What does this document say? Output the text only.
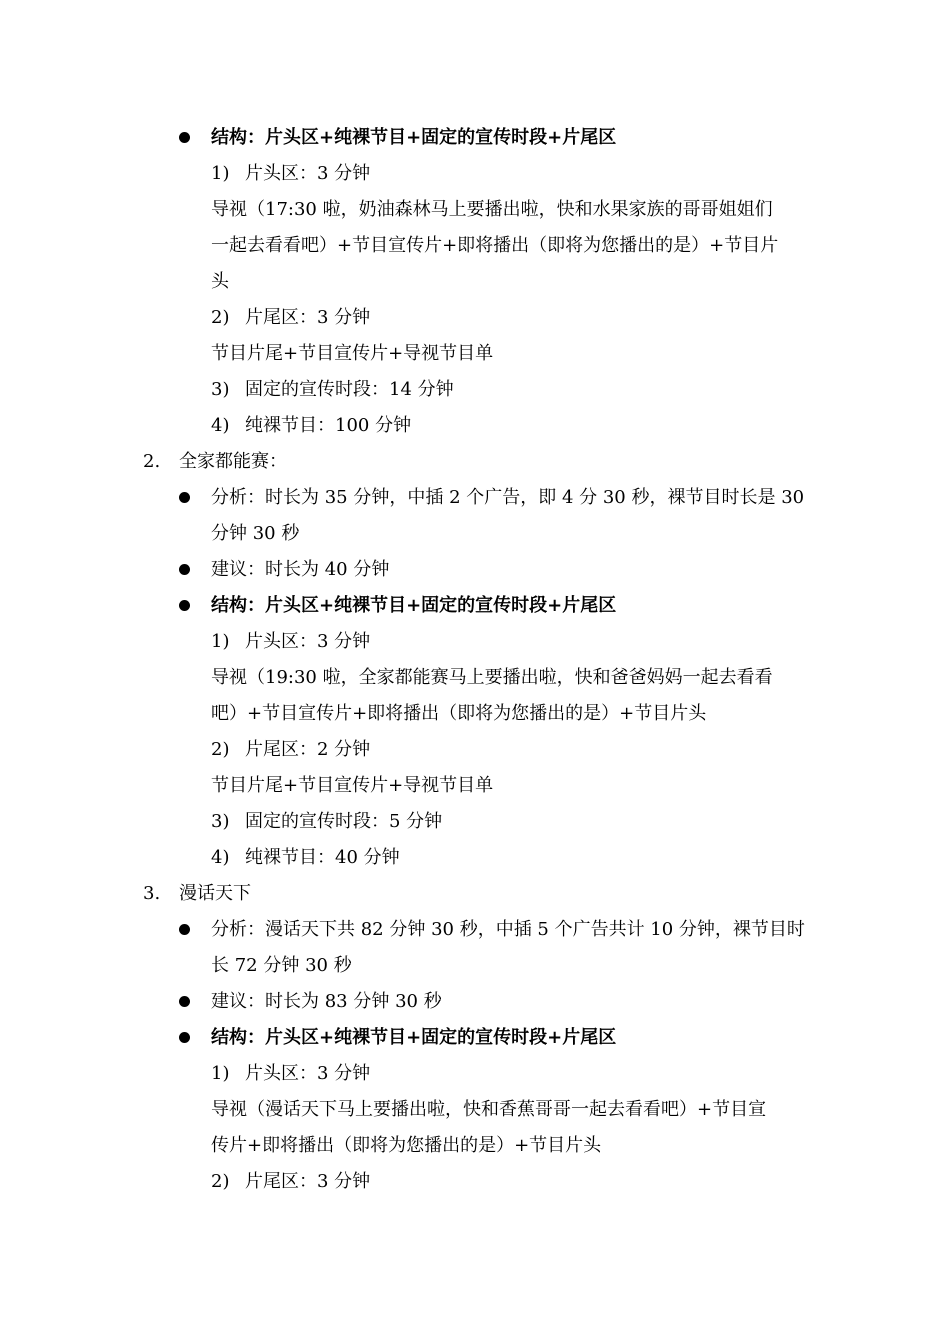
结构：片头区+纯裸节目+固定的宣传时段+片尾区
1) 片头区：3 分钟
导视（17:30 啦，奶油森林马上要播出啦，快和水果家族的哥哥姐姐们
一起去看看吧）+节目宣传片+即将播出（即将为您播出的是）+节目片
头
2) 片尾区：3 分钟
节目片尾+节目宣传片+导视节目单
3) 固定的宣传时段：14 分钟
4) 纯裸节目：100 分钟
2. 全家都能赛：
分析：时长为 35 分钟，中插 2 个广告，即 4 分 30 秒，裸节目时长是 30
分钟 30 秒
建议：时长为 40 分钟
结构：片头区+纯裸节目+固定的宣传时段+片尾区
1) 片头区：3 分钟
导视（19:30 啦，全家都能赛马上要播出啦，快和爸爸妈妈一起去看看
吧）+节目宣传片+即将播出（即将为您播出的是）+节目片头
2) 片尾区：2 分钟
节目片尾+节目宣传片+导视节目单
3) 固定的宣传时段：5 分钟
4) 纯裸节目：40 分钟
3. 漫话天下
分析：漫话天下共 82 分钟 30 秒，中插 5 个广告共计 10 分钟，裸节目时
长 72 分钟 30 秒
建议：时长为 83 分钟 30 秒
结构：片头区+纯裸节目+固定的宣传时段+片尾区
1) 片头区：3 分钟
导视（漫话天下马上要播出啦，快和香蕉哥哥一起去看看吧）+节目宣
传片+即将播出（即将为您播出的是）+节目片头
2) 片尾区：3 分钟
